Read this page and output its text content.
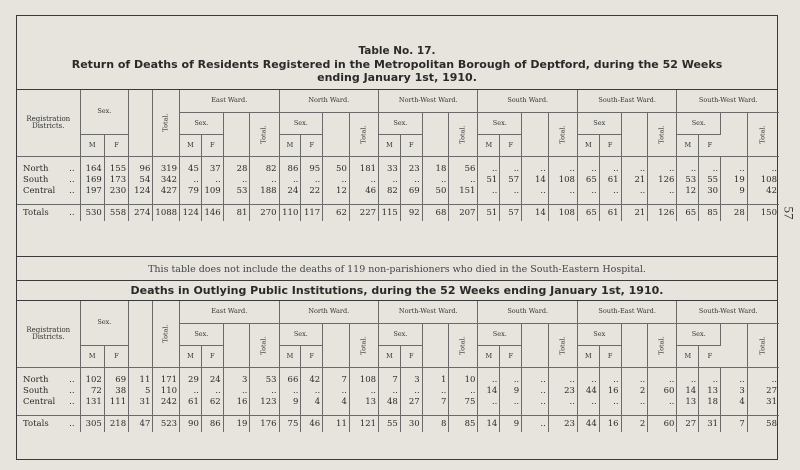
Table No. 17.
Return of Deaths of Residents Registered in the Metropolitan Borough of Deptford, during the 52 Weeks ending January 1st, 1910.
Registration Districts.	Sex.			Total.	East Ward.				North Ward.				North-West Ward.				South Ward.				South-East Ward.				South-West Ward.			
					Sex.			Total.	Sex.			Total.	Sex.			Total.	Sex.			Total.	Sex			Total.	Sex.			Total.
	M	F			M	F			M	F			M	F			M	F			M	F			M	F		

North ..	164	155	96	319	45	37	28	82	86	95	50	181	33	23	18	56	..	..	..	..	..	..	..	..	..	..	..	..
South ..	169	173	54	342	..	..	..	..	..	..	..	..	..	..	..	..	51	57	14	108	65	61	21	126	53	55	19	108
Central ..	197	230	124	427	79	109	53	188	24	22	12	46	82	69	50	151	..	..	..	..	..	..	..	..	12	30	9	42

Totals ..	530	558	274	1088	124	146	81	270	110	117	62	227	115	92	68	207	51	57	14	108	65	61	21	126	65	85	28	150
This table does not include the deaths of 119 non-parishioners who died in the South-Eastern Hospital.
Deaths in Outlying Public Institutions, during the 52 Weeks ending January 1st, 1910.
Registration Districts.	Sex.			Total.	East Ward.				North Ward.				North-West Ward.				South Ward.				South-East Ward.				South-West Ward.			
					Sex.			Total.	Sex.			Total.	Sex.			Total.	Sex.			Total.	Sex			Total.	Sex.			Total.
	M	F			M	F			M	F			M	F			M	F			M	F			M	F		

North ..	102	69	11	171	29	24	3	53	66	42	7	108	7	3	1	10	..	..	..	..	..	..	..	..	..	..	..	..
South ..	72	38	5	110	..	..	..	..	..	..	..	..	..	..	..	..	14	9	..	23	44	16	2	60	14	13	3	27
Central ..	131	111	31	242	61	62	16	123	9	4	4	13	48	27	7	75	..	..	..	..	..	..	..	..	13	18	4	31

Totals ..	305	218	47	523	90	86	19	176	75	46	11	121	55	30	8	85	14	9	..	23	44	16	2	60	27	31	7	58
57
